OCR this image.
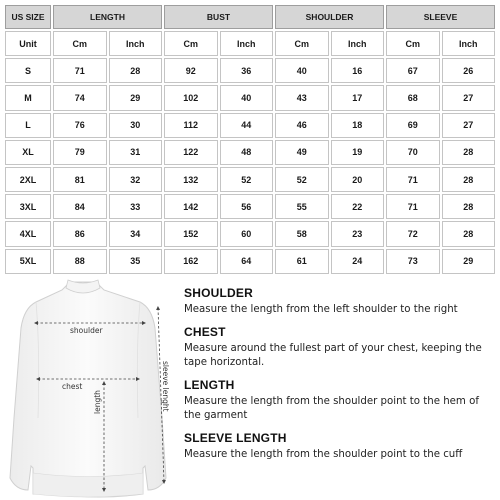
US SIZE	LENGTH		BUST		SHOULDER		SLEEVE	
Unit	Cm	Inch	Cm	Inch	Cm	Inch	Cm	Inch
S	71	28	92	36	40	16	67	26
M	74	29	102	40	43	17	68	27
L	76	30	112	44	46	18	69	27
XL	79	31	122	48	49	19	70	28
2XL	81	32	132	52	52	20	71	28
3XL	84	33	142	56	55	22	71	28
4XL	86	34	152	60	58	23	72	28
5XL	88	35	162	64	61	24	73	29
shoulder
chest
length	sleeve lenght
SHOULDER
Measure the length from the left shoulder to the right
CHEST
Measure around the fullest part of your chest, keeping the tape horizontal.
LENGTH
Measure the length from the shoulder point to the hem of the garment
SLEEVE LENGTH
Measure the length from the shoulder point to the cuff
